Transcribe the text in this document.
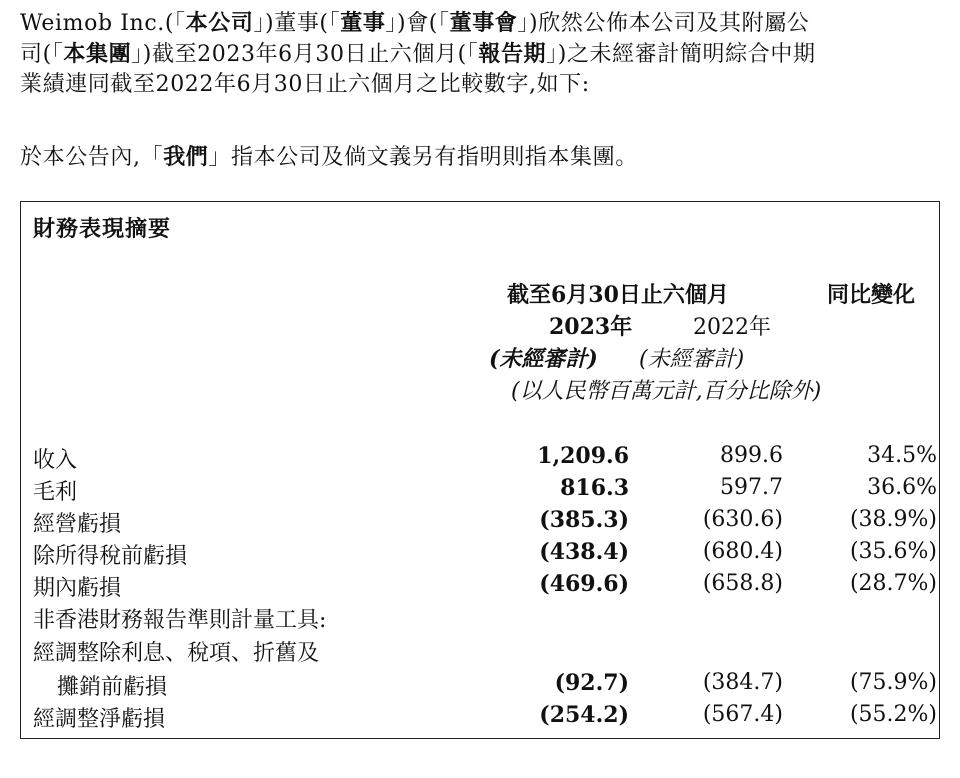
Weimob Inc.(「本公司」)董事(「董事」)會(「董事會」)欣然公佈本公司及其附屬公
司(「本集團」)截至2023年6月30日止六個月(「報告期」)之未經審計簡明綜合中期
業績連同截至2022年6月30日止六個月之比較數字,如下:
於本公告內,「我們」指本公司及倘文義另有指明則指本集團。
財務表現摘要
截至6月30日止六個月	同比變化
2023年	2022年
(未經審計) (未經審計)
(以人民幣百萬元計,百分比除外)
收入	1,209.6	899.6	34.5%
毛利	816.3	597.7	36.6%
經營虧損	(385.3)	(630.6)	(38.9%)
除所得稅前虧損	(438.4)	(680.4)	(35.6%)
期內虧損	(469.6)	(658.8)	(28.7%)
非香港財務報告準則計量工具:
經調整除利息、稅項、折舊及
攤銷前虧損	(92.7)	(384.7)	(75.9%)
經調整淨虧損	(254.2)	(567.4)	(55.2%)
